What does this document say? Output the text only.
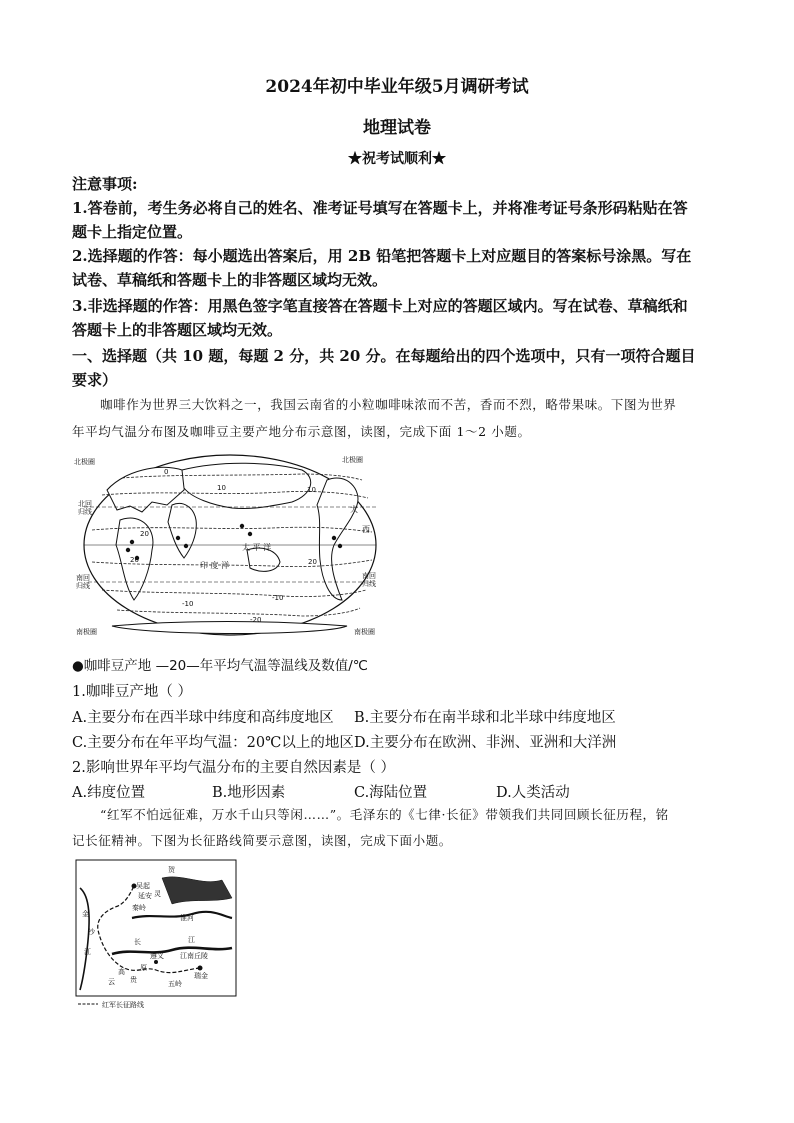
2024年初中毕业年级5月调研考试
地理试卷
★祝考试顺利★
注意事项:
1.答卷前，考生务必将自己的姓名、准考证号填写在答题卡上，并将准考证号条形码粘贴在答
题卡上指定位置。
2.选择题的作答：每小题选出答案后，用 2B 铅笔把答题卡上对应题目的答案标号涂黑。写在
试卷、草稿纸和答题卡上的非答题区域均无效。
3.非选择题的作答：用黑色签字笔直接答在答题卡上对应的答题区域内。写在试卷、草稿纸和
答题卡上的非答题区域均无效。
一、选择题（共 10 题，每题 2 分，共 20 分。在每题给出的四个选项中，只有一项符合题目
要求）
咖啡作为世界三大饮料之一，我国云南省的小粒咖啡味浓而不苦，香而不烈，略带果味。下图为世界
年平均气温分布图及咖啡豆主要产地分布示意图，读图，完成下面 1～2 小题。
北极圈	北极圈
北回
归线
南回
归线
南回
归线
南极圈	南极圈
太 平 洋
印 度 洋
大
西
10	10
20
20	20
0
-10
-20
-10
●咖啡豆产地 —20—年平均气温等温线及数值/℃
1.咖啡豆产地（ ）
A.主要分布在西半球中纬度和高纬度地区 B.主要分布在南半球和北半球中纬度地区
C.主要分布在年平均气温：20℃以上的地区 D.主要分布在欧洲、非洲、亚洲和大洋洲
2.影响世界年平均气温分布的主要自然因素是（ ）
A.纬度位置	B.地形因素	C.海陆位置	D.人类活动
“红军不怕远征难，万水千山只等闲……”。毛泽东的《七律·长征》带领我们共同回顾长征历程，铭
记长征精神。下图为长征路线简要示意图，读图，完成下面小题。
吴起
延安
贺
灵
金
沙
江
长
秦岭
淮河
江
遵义
原
高
贵
云	五岭
瑞金
江南丘陵
红军长征路线
